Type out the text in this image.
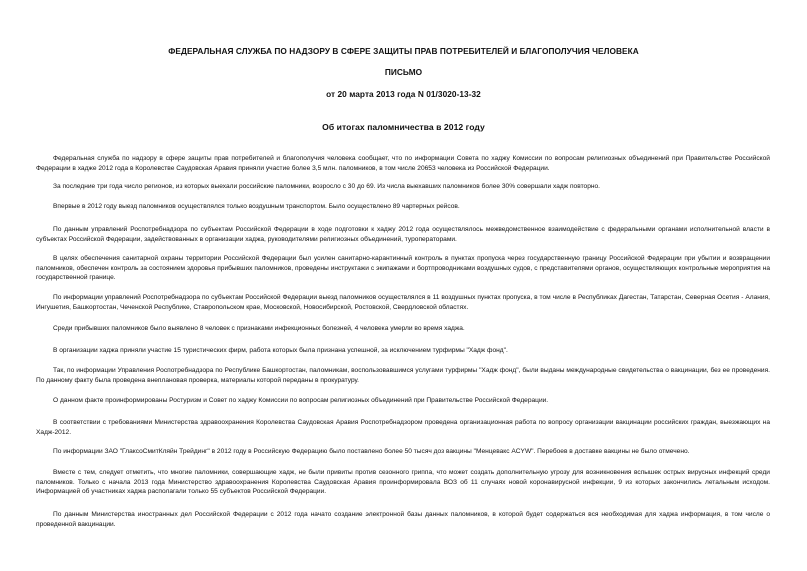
ФЕДЕРАЛЬНАЯ СЛУЖБА ПО НАДЗОРУ В СФЕРЕ ЗАЩИТЫ ПРАВ ПОТРЕБИТЕЛЕЙ И БЛАГОПОЛУЧИЯ ЧЕЛОВЕКА
ПИСЬМО
от 20 марта 2013 года N 01/3020-13-32
Об итогах паломничества в 2012 году

Федеральная служба по надзору в сфере защиты прав потребителей и благополучия человека сообщает, что по информации Совета по хаджу Комиссии по вопросам религиозных объединений при Правительстве Российской Федерации в хадже 2012 года в Королевстве Саудовская Аравия приняли участие более 3,5 млн. паломников, в том числе 20653 человека из Российской Федерации.

За последние три года число регионов, из которых выехали российские паломники, возросло с 30 до 69. Из числа выехавших паломников более 30% совершали хадж повторно.

Впервые в 2012 году выезд паломников осуществлялся только воздушным транспортом. Было осуществлено 89 чартерных рейсов.

По данным управлений Роспотребнадзора по субъектам Российской Федерации в ходе подготовки к хаджу 2012 года осуществлялось межведомственное взаимодействие с федеральными органами исполнительной власти в субъектах Российской Федерации, задействованных в организации хаджа, руководителями религиозных объединений, туроператорами.

В целях обеспечения санитарной охраны территории Российской Федерации был усилен санитарно-карантинный контроль в пунктах пропуска через государственную границу Российской Федерации при убытии и возвращении паломников, обеспечен контроль за состоянием здоровья прибывших паломников, проведены инструктажи с экипажами и бортпроводниками воздушных судов, с представителями органов, осуществляющих контрольные мероприятия на государственной границе.

По информации управлений Роспотребнадзора по субъектам Российской Федерации выезд паломников осуществлялся в 11 воздушных пунктах пропуска, в том числе в Республиках Дагестан, Татарстан, Северная Осетия - Алания, Ингушетия, Башкортостан, Чеченской Республике, Ставропольском крае, Московской, Новосибирской, Ростовской, Свердловской областях.

Среди прибывших паломников было выявлено 8 человек с признаками инфекционных болезней, 4 человека умерли во время хаджа.

В организации хаджа приняли участие 15 туристических фирм, работа которых была признана успешной, за исключением турфирмы "Хадж фонд".

Так, по информации Управления Роспотребнадзора по Республике Башкортостан, паломникам, воспользовавшимся услугами турфирмы "Хадж фонд", были выданы международные свидетельства о вакцинации, без ее проведения. По данному факту была проведена внеплановая проверка, материалы которой переданы в прокуратуру.

О данном факте проинформированы Ростуризм и Совет по хаджу Комиссии по вопросам религиозных объединений при Правительстве Российской Федерации.

В соответствии с требованиями Министерства здравоохранения Королевства Саудовская Аравия Роспотребнадзором проведена организационная работа по вопросу организации вакцинации российских граждан, выезжающих на Хадж-2012.

По информации ЗАО "ГлаксоСмитКляйн Трейдинг" в 2012 году в Российскую Федерацию было поставлено более 50 тысяч доз вакцины "Менцевакс ACYW". Перебоев в доставке вакцины не было отмечено.

Вместе с тем, следует отметить, что многие паломники, совершающие хадж, не были привиты против сезонного гриппа, что может создать дополнительную угрозу для возникновения вспышек острых вирусных инфекций среди паломников. Только с начала 2013 года Министерство здравоохранения Королевства Саудовская Аравия проинформировала ВОЗ об 11 случаях новой коронавирусной инфекции, 9 из которых закончились летальным исходом. Информацией об участниках хаджа располагали только 55 субъектов Российской Федерации.

По данным Министерства иностранных дел Российской Федерации с 2012 года начато создание электронной базы данных паломников, в которой будет содержаться вся необходимая для хаджа информация, в том числе о проведенной вакцинации.
